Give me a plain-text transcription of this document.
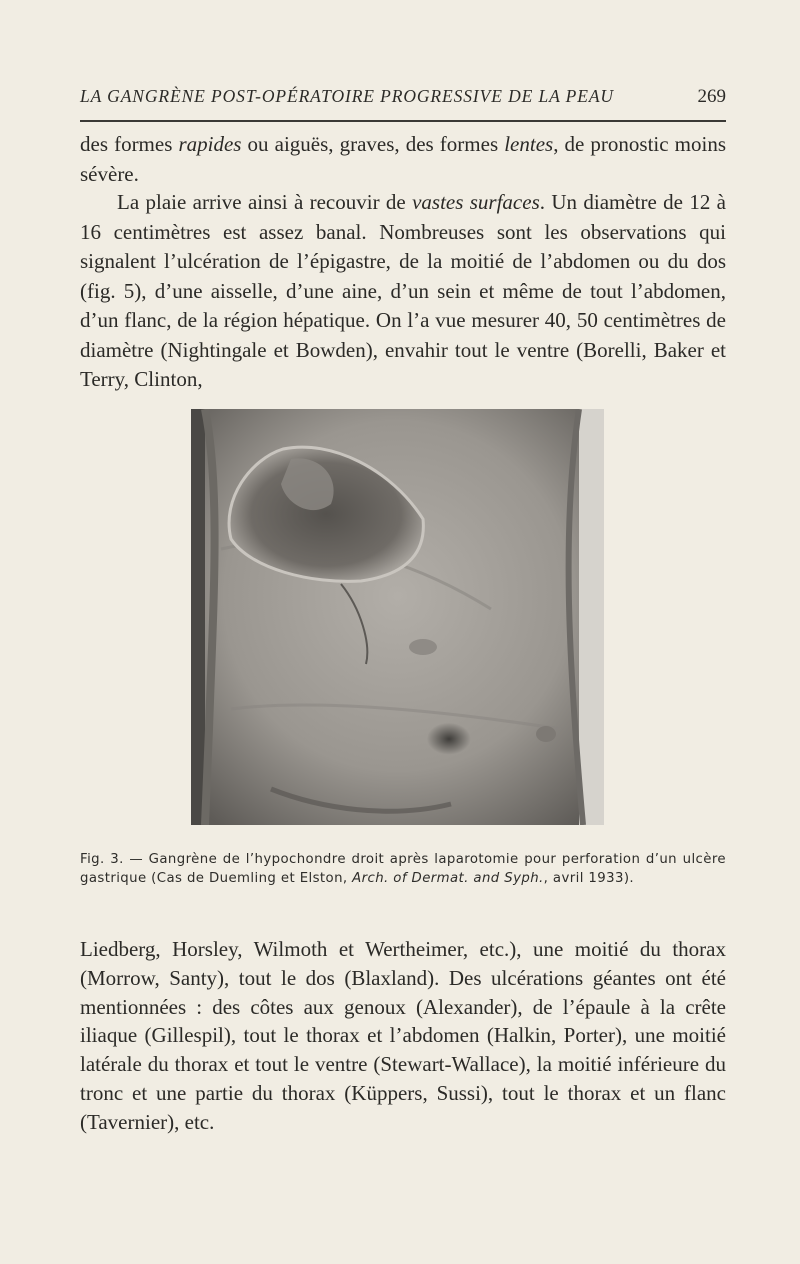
LA GANGRÈNE POST-OPÉRATOIRE PROGRESSIVE DE LA PEAU	269

des formes rapides ou aiguës, graves, des formes lentes, de pronostic moins sévère.

La plaie arrive ainsi à recouvir de vastes surfaces. Un diamètre de 12 à 16 centimètres est assez banal. Nombreuses sont les observations qui signalent l’ulcération de l’épigastre, de la moitié de l’abdomen ou du dos (fig. 5), d’une aisselle, d’une aine, d’un sein et même de tout l’abdomen, d’un flanc, de la région hépatique. On l’a vue mesurer 40, 50 centimètres de diamètre (Nightingale et Bowden), envahir tout le ventre (Borelli, Baker et Terry, Clinton,

Fig. 3. — Gangrène de l’hypochondre droit après laparotomie pour perforation d’un ulcère gastrique (Cas de Duemling et Elston, Arch. of Dermat. and Syph., avril 1933).

Liedberg, Horsley, Wilmoth et Wertheimer, etc.), une moitié du thorax (Morrow, Santy), tout le dos (Blaxland). Des ulcérations géantes ont été mentionnées : des côtes aux genoux (Alexander), de l’épaule à la crête iliaque (Gillespil), tout le thorax et l’abdomen (Halkin, Porter), une moitié latérale du thorax et tout le ventre (Stewart-Wallace), la moitié inférieure du tronc et une partie du thorax (Küppers, Sussi), tout le thorax et un flanc (Tavernier), etc.
